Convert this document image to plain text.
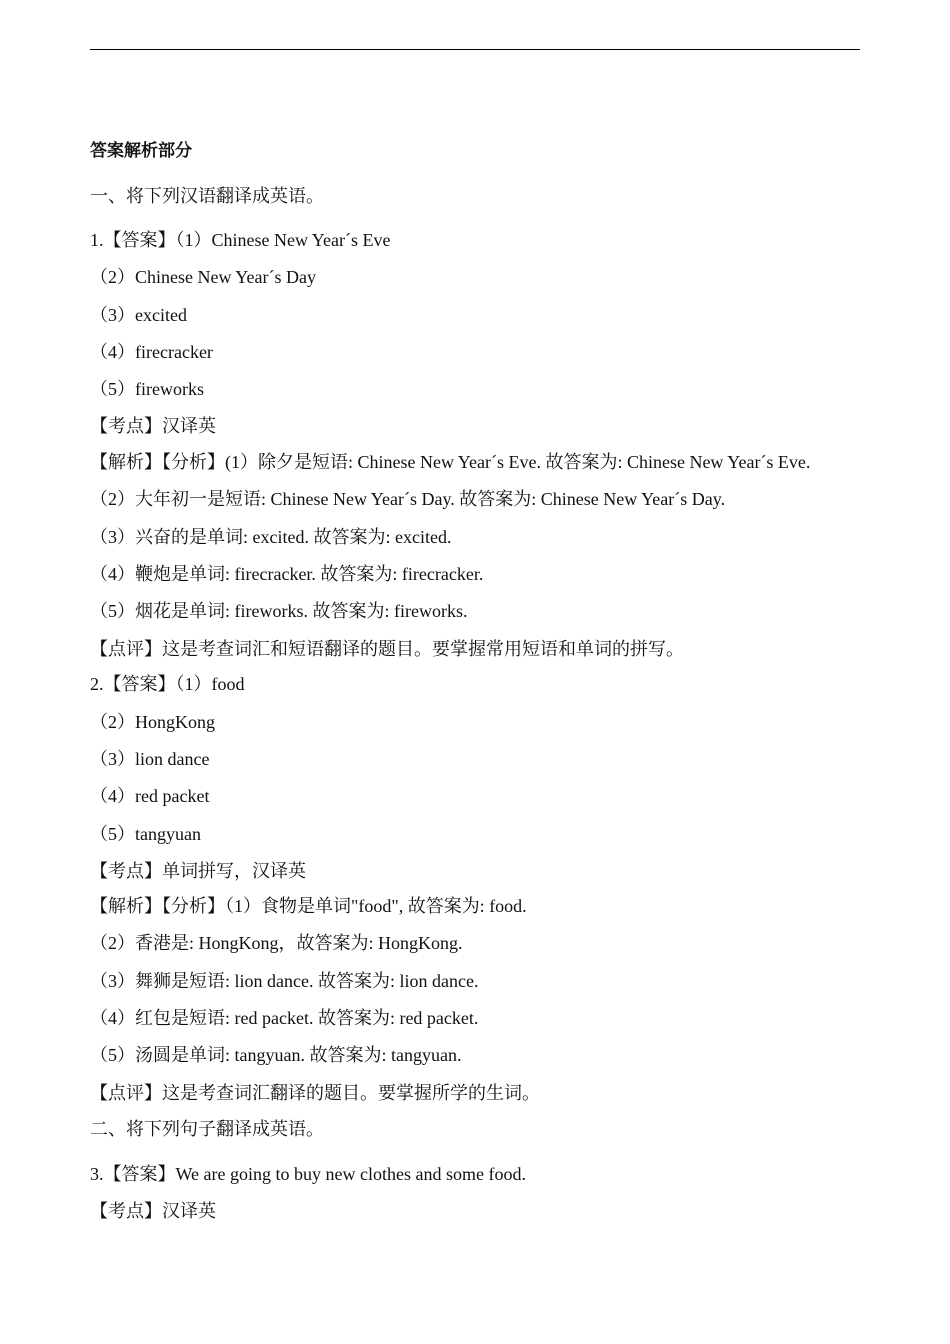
答案解析部分
一、将下列汉语翻译成英语。
1.【答案】（1）Chinese New Year´s Eve
（2）Chinese New Year´s Day
（3）excited
（4）firecracker
（5）fireworks
【考点】汉译英
【解析】【分析】(1）除夕是短语: Chinese New Year´s Eve. 故答案为: Chinese New Year´s Eve.
（2）大年初一是短语: Chinese New Year´s Day. 故答案为: Chinese New Year´s Day.
（3）兴奋的是单词: excited. 故答案为: excited.
（4）鞭炮是单词: firecracker. 故答案为: firecracker.
（5）烟花是单词: fireworks. 故答案为: fireworks.
【点评】这是考查词汇和短语翻译的题目。要掌握常用短语和单词的拼写。
2.【答案】（1）food
（2）HongKong
（3）lion dance
（4）red packet
（5）tangyuan
【考点】单词拼写，汉译英
【解析】【分析】（1）食物是单词"food", 故答案为: food.
（2）香港是: HongKong，故答案为: HongKong.
（3）舞狮是短语: lion dance. 故答案为: lion dance.
（4）红包是短语: red packet. 故答案为: red packet.
（5）汤圆是单词: tangyuan. 故答案为: tangyuan.
【点评】这是考查词汇翻译的题目。要掌握所学的生词。
二、将下列句子翻译成英语。
3.【答案】We are going to buy new clothes and some food.
【考点】汉译英
